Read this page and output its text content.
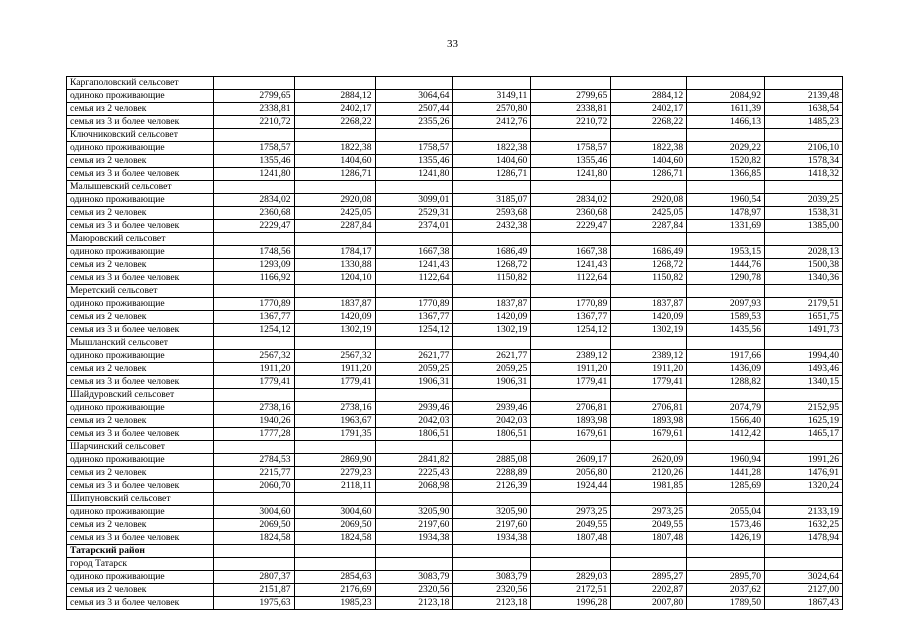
33
Каргаполовский сельсовет								
одиноко проживающие	2799,65	2884,12	3064,64	3149,11	2799,65	2884,12	2084,92	2139,48
семья из 2 человек	2338,81	2402,17	2507,44	2570,80	2338,81	2402,17	1611,39	1638,54
семья из 3 и более человек	2210,72	2268,22	2355,26	2412,76	2210,72	2268,22	1466,13	1485,23
Ключниковский сельсовет								
одиноко проживающие	1758,57	1822,38	1758,57	1822,38	1758,57	1822,38	2029,22	2106,10
семья из 2 человек	1355,46	1404,60	1355,46	1404,60	1355,46	1404,60	1520,82	1578,34
семья из 3 и более человек	1241,80	1286,71	1241,80	1286,71	1241,80	1286,71	1366,85	1418,32
Малышевский сельсовет								
одиноко проживающие	2834,02	2920,08	3099,01	3185,07	2834,02	2920,08	1960,54	2039,25
семья из 2 человек	2360,68	2425,05	2529,31	2593,68	2360,68	2425,05	1478,97	1538,31
семья из 3 и более человек	2229,47	2287,84	2374,01	2432,38	2229,47	2287,84	1331,69	1385,00
Маюровский сельсовет								
одиноко проживающие	1748,56	1784,17	1667,38	1686,49	1667,38	1686,49	1953,15	2028,13
семья из 2 человек	1293,09	1330,88	1241,43	1268,72	1241,43	1268,72	1444,76	1500,38
семья из 3 и более человек	1166,92	1204,10	1122,64	1150,82	1122,64	1150,82	1290,78	1340,36
Меретский сельсовет								
одиноко проживающие	1770,89	1837,87	1770,89	1837,87	1770,89	1837,87	2097,93	2179,51
семья из 2 человек	1367,77	1420,09	1367,77	1420,09	1367,77	1420,09	1589,53	1651,75
семья из 3 и более человек	1254,12	1302,19	1254,12	1302,19	1254,12	1302,19	1435,56	1491,73
Мышланский сельсовет								
одиноко проживающие	2567,32	2567,32	2621,77	2621,77	2389,12	2389,12	1917,66	1994,40
семья из 2 человек	1911,20	1911,20	2059,25	2059,25	1911,20	1911,20	1436,09	1493,46
семья из 3 и более человек	1779,41	1779,41	1906,31	1906,31	1779,41	1779,41	1288,82	1340,15
Шайдуровский сельсовет								
одиноко проживающие	2738,16	2738,16	2939,46	2939,46	2706,81	2706,81	2074,79	2152,95
семья из 2 человек	1940,26	1963,67	2042,03	2042,03	1893,98	1893,98	1566,40	1625,19
семья из 3 и более человек	1777,28	1791,35	1806,51	1806,51	1679,61	1679,61	1412,42	1465,17
Шарчинский сельсовет								
одиноко проживающие	2784,53	2869,90	2841,82	2885,08	2609,17	2620,09	1960,94	1991,26
семья из 2 человек	2215,77	2279,23	2225,43	2288,89	2056,80	2120,26	1441,28	1476,91
семья из 3 и более человек	2060,70	2118,11	2068,98	2126,39	1924,44	1981,85	1285,69	1320,24
Шипуновский сельсовет								
одиноко проживающие	3004,60	3004,60	3205,90	3205,90	2973,25	2973,25	2055,04	2133,19
семья из 2 человек	2069,50	2069,50	2197,60	2197,60	2049,55	2049,55	1573,46	1632,25
семья из 3 и более человек	1824,58	1824,58	1934,38	1934,38	1807,48	1807,48	1426,19	1478,94
Татарский район								
город Татарск								
одиноко проживающие	2807,37	2854,63	3083,79	3083,79	2829,03	2895,27	2895,70	3024,64
семья из 2 человек	2151,87	2176,69	2320,56	2320,56	2172,51	2202,87	2037,62	2127,00
семья из 3 и более человек	1975,63	1985,23	2123,18	2123,18	1996,28	2007,80	1789,50	1867,43
